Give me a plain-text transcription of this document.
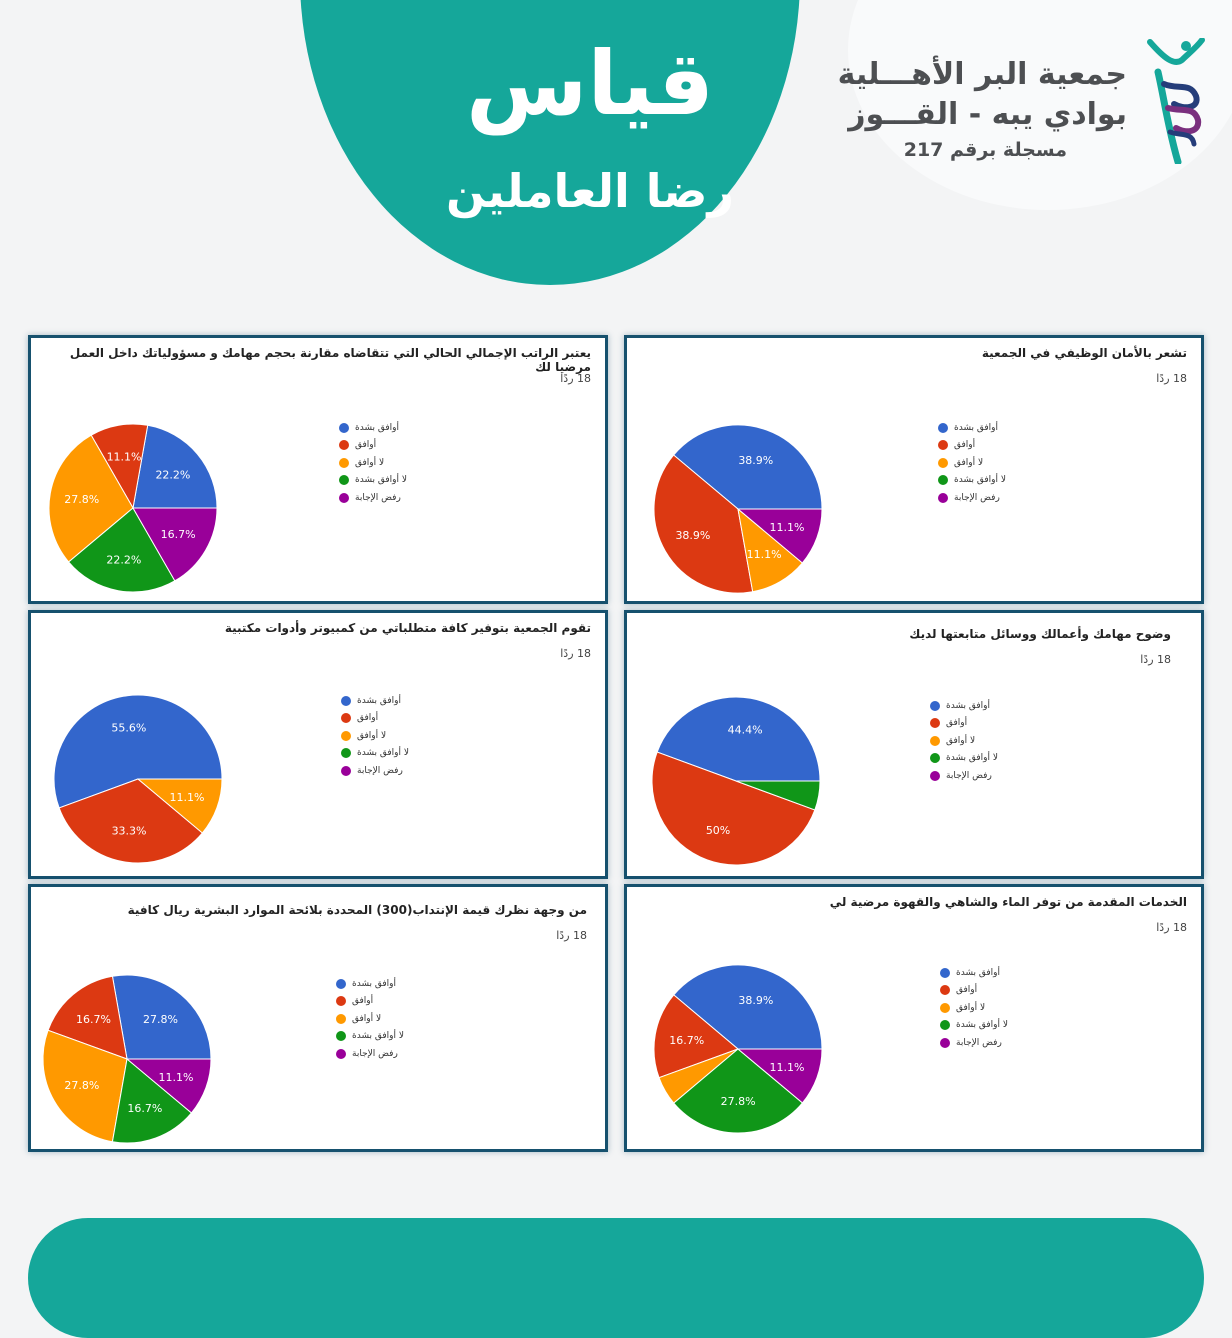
قياس
رضا العاملين
جمعية البر الأهـــلية
بوادي يبه - القـــوز
مسجلة برقم 217
يعتبر الراتب الإجمالي الحالي التي تتقاضاه مقارنة بحجم مهامك و مسؤولياتك داخل العمل مرضيا لك
18 ردًا
22.2%
11.1%
27.8%
22.2%
16.7%
أوافق بشدة
أوافق
لا أوافق
لا أوافق بشدة
رفض الإجابة
تشعر بالأمان الوظيفي في الجمعية
18 ردًا
38.9%
38.9%
11.1%
11.1%
أوافق بشدة
أوافق
لا أوافق
لا أوافق بشدة
رفض الإجابة
تقوم الجمعية بتوفير كافة متطلباتي من كمبيوتر وأدوات مكتبية
18 ردًا
55.6%
33.3%
11.1%
أوافق بشدة
أوافق
لا أوافق
لا أوافق بشدة
رفض الإجابة
وضوح مهامك وأعمالك ووسائل متابعتها لديك
18 ردًا
44.4%
50%
أوافق بشدة
أوافق
لا أوافق
لا أوافق بشدة
رفض الإجابة
من وجهة نظرك قيمة الإنتداب(300) المحددة بلائحة الموارد البشرية ريال كافية
18 ردًا
27.8%
16.7%
27.8%
16.7%
11.1%
أوافق بشدة
أوافق
لا أوافق
لا أوافق بشدة
رفض الإجابة
الخدمات المقدمة من توفر الماء والشاهي والقهوة مرضية لي
18 ردًا
38.9%
16.7%
27.8%
11.1%
أوافق بشدة
أوافق
لا أوافق
لا أوافق بشدة
رفض الإجابة
